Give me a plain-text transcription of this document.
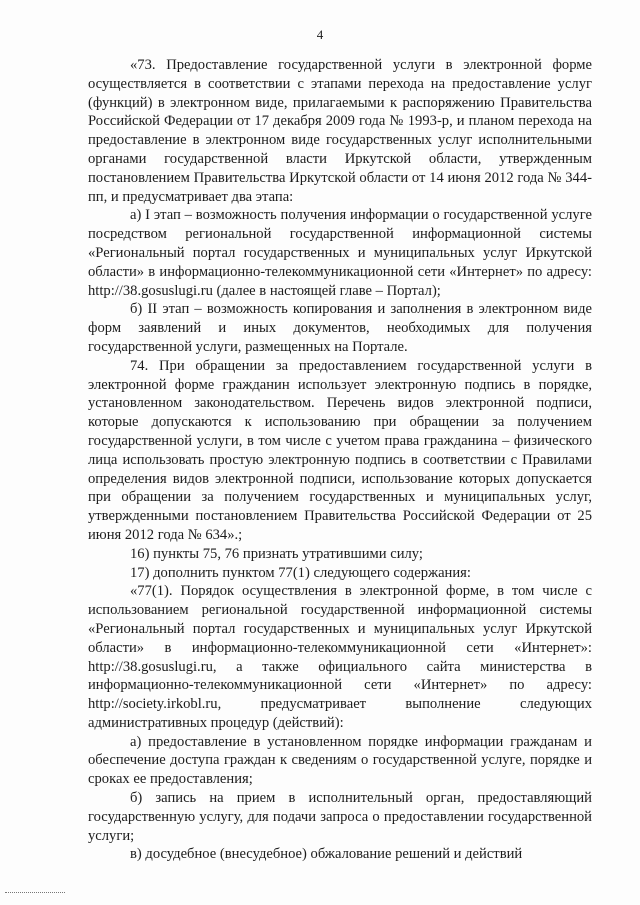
4

«73. Предоставление государственной услуги в электронной форме осуществляется в соответствии с этапами перехода на предоставление услуг (функций) в электронном виде, прилагаемыми к распоряжению Правительства Российской Федерации от 17 декабря 2009 года № 1993-р, и планом перехода на предоставление в электронном виде государственных услуг исполнительными органами государственной власти Иркутской области, утвержденным постановлением Правительства Иркутской области от 14 июня 2012 года № 344-пп, и предусматривает два этапа:

а) I этап – возможность получения информации о государственной услуге посредством региональной государственной информационной системы «Региональный портал государственных и муниципальных услуг Иркутской области» в информационно-телекоммуникационной сети «Интернет» по адресу: http://38.gosuslugi.ru (далее в настоящей главе – Портал);

б) II этап – возможность копирования и заполнения в электронном виде форм заявлений и иных документов, необходимых для получения государственной услуги, размещенных на Портале.

74. При обращении за предоставлением государственной услуги в электронной форме гражданин использует электронную подпись в порядке, установленном законодательством. Перечень видов электронной подписи, которые допускаются к использованию при обращении за получением государственной услуги, в том числе с учетом права гражданина – физического лица использовать простую электронную подпись в соответствии с Правилами определения видов электронной подписи, использование которых допускается при обращении за получением государственных и муниципальных услуг, утвержденными постановлением Правительства Российской Федерации от 25 июня 2012 года № 634».;

16) пункты 75, 76 признать утратившими силу;

17) дополнить пунктом 77(1) следующего содержания:

«77(1). Порядок осуществления в электронной форме, в том числе с использованием региональной государственной информационной системы «Региональный портал государственных и муниципальных услуг Иркутской области» в информационно-телекоммуникационной сети «Интернет»: http://38.gosuslugi.ru, а также официального сайта министерства в информационно-телекоммуникационной сети «Интернет» по адресу: http://society.irkobl.ru, предусматривает выполнение следующих административных процедур (действий):

а) предоставление в установленном порядке информации гражданам и обеспечение доступа граждан к сведениям о государственной услуге, порядке и сроках ее предоставления;

б) запись на прием в исполнительный орган, предоставляющий государственную услугу, для подачи запроса о предоставлении государственной услуги;

в) досудебное (внесудебное) обжалование решений и действий
